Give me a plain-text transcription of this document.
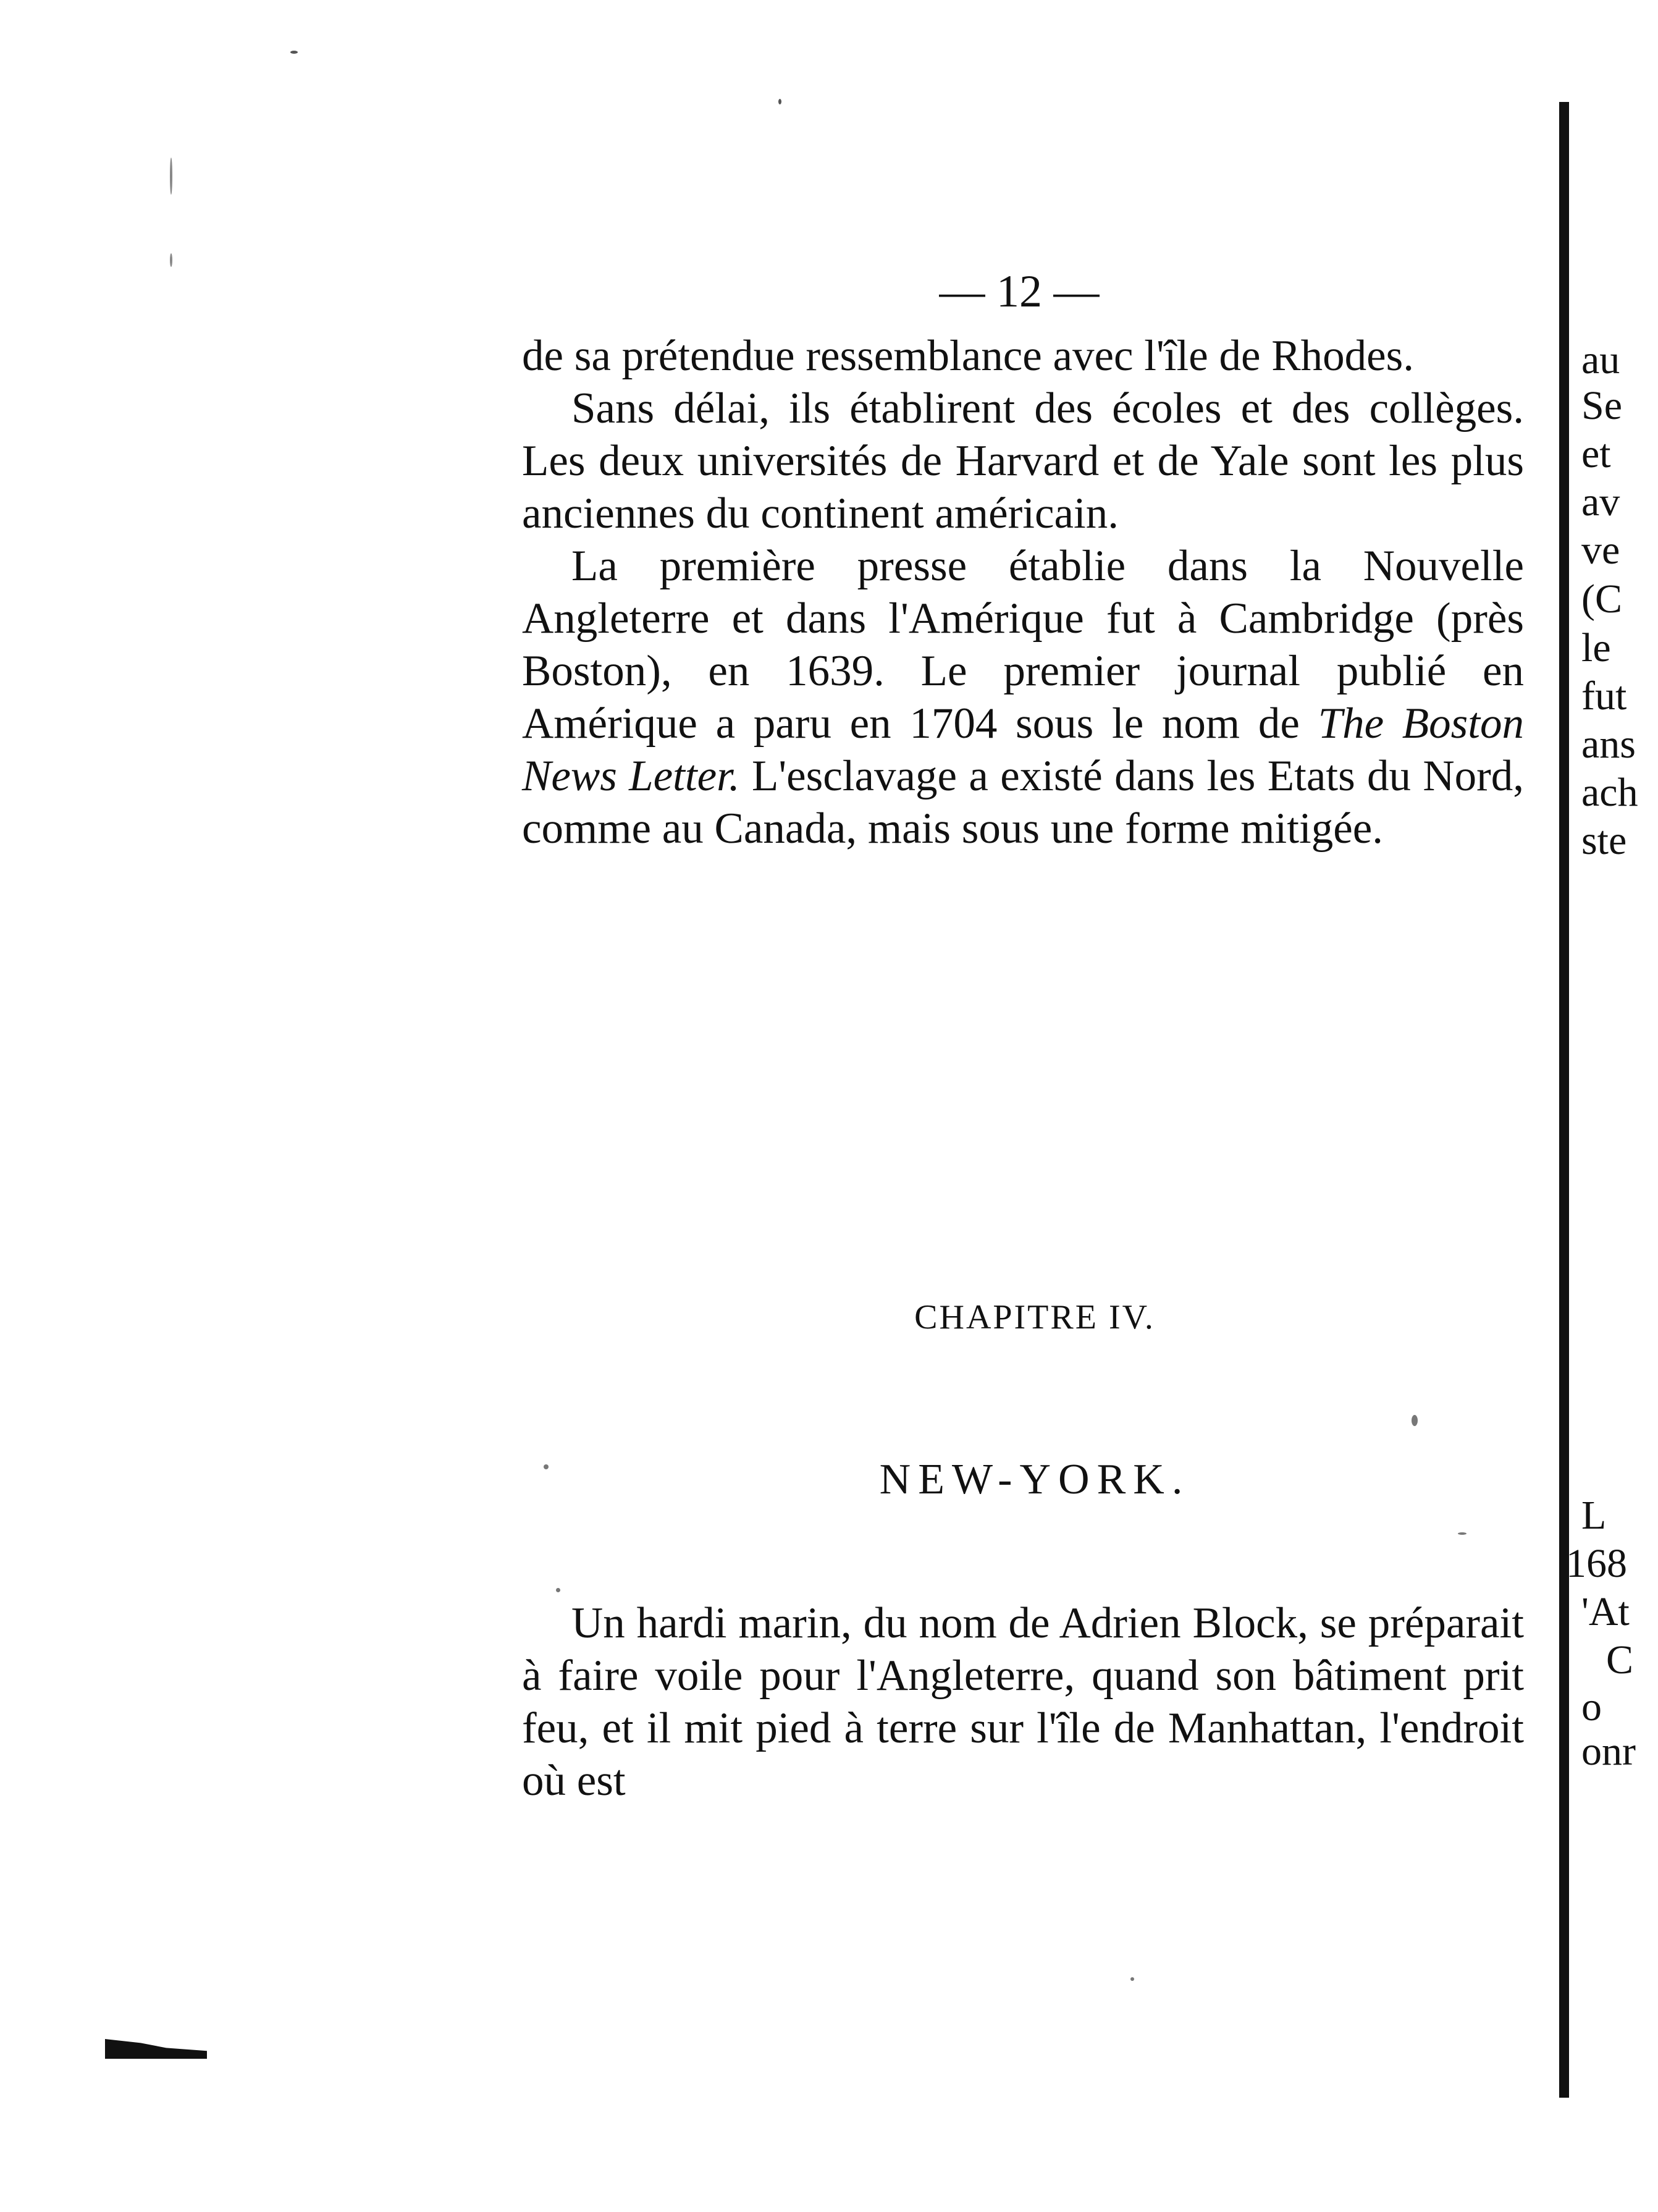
— 12 —

de sa prétendue ressemblance avec l'île de Rhodes.

Sans délai, ils établirent des écoles et des collèges. Les deux universités de Harvard et de Yale sont les plus anciennes du continent américain.

La première presse établie dans la Nouvelle Angleterre et dans l'Amérique fut à Cambridge (près Boston), en 1639. Le premier journal publié en Amérique a paru en 1704 sous le nom de The Boston News Letter. L'esclavage a existé dans les Etats du Nord, comme au Canada, mais sous une forme mitigée.

CHAPITRE IV.

NEW-YORK.

Un hardi marin, du nom de Adrien Block, se préparait à faire voile pour l'Angleterre, quand son bâtiment prit feu, et il mit pied à terre sur l'île de Manhattan, l'endroit où est

au

Se

et

av

ve

(C

le

fut

ans

ach

ste

L

168

'At

C

o

onr
